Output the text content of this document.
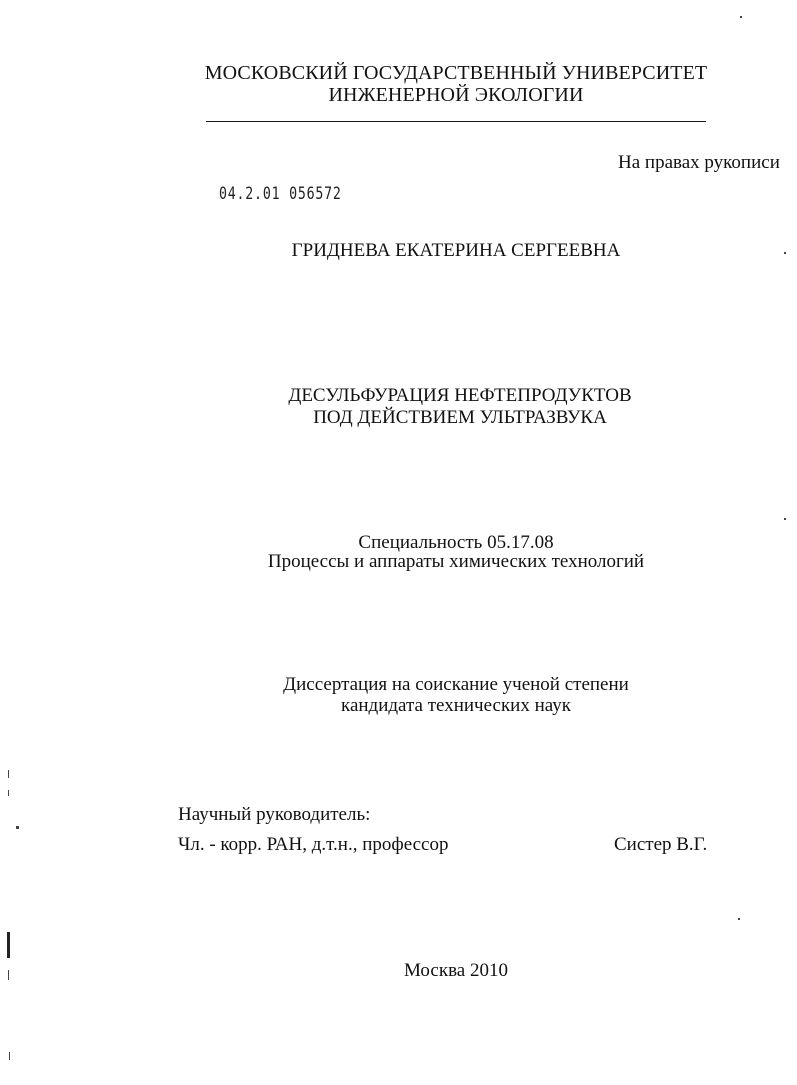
МОСКОВСКИЙ ГОСУДАРСТВЕННЫЙ УНИВЕРСИТЕТ
ИНЖЕНЕРНОЙ ЭКОЛОГИИ
На правах рукописи
04.2.01 056572
ГРИДНЕВА ЕКАТЕРИНА СЕРГЕЕВНА
ДЕСУЛЬФУРАЦИЯ НЕФТЕПРОДУКТОВ
ПОД ДЕЙСТВИЕМ УЛЬТРАЗВУКА
Специальность 05.17.08
Процессы и аппараты химических технологий
Диссертация на соискание ученой степени
кандидата технических наук
Научный руководитель:
Чл. - корр. РАН, д.т.н., профессор	Систер В.Г.
Москва 2010
